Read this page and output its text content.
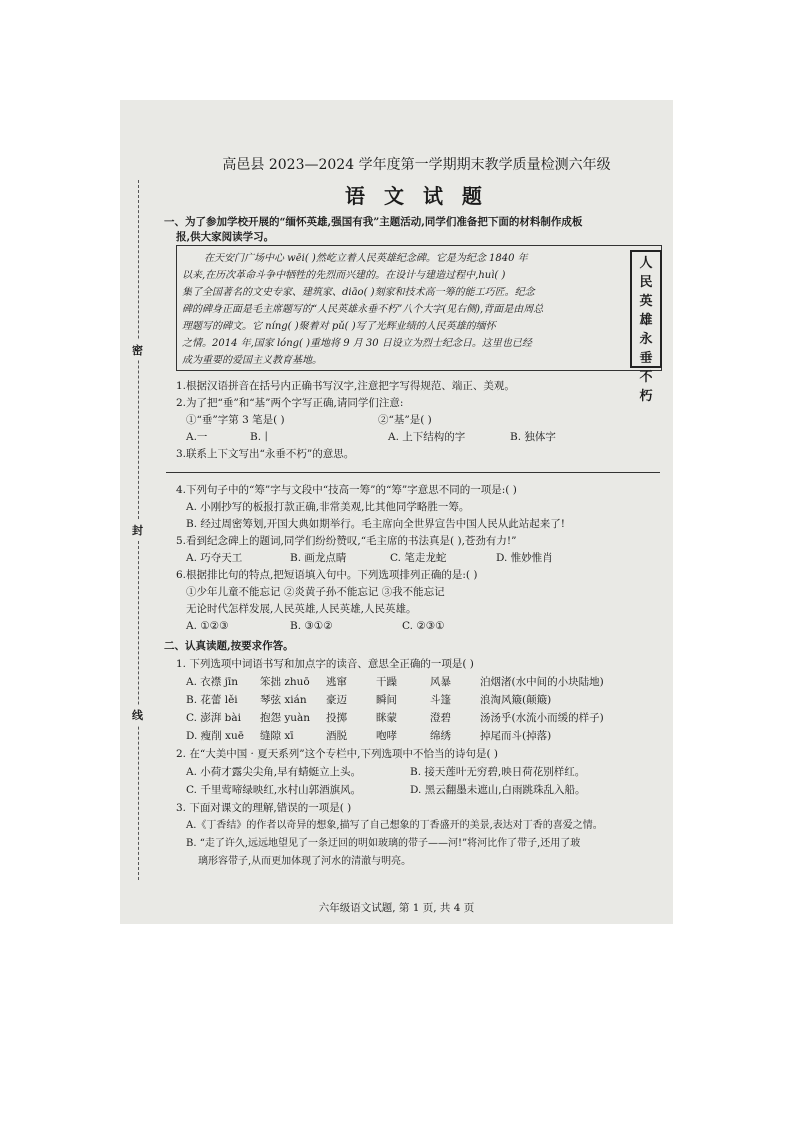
密
封
线
高邑县 2023—2024 学年度第一学期期末教学质量检测六年级
语 文 试 题
一、为了参加学校开展的“缅怀英雄,强国有我”主题活动,同学们准备把下面的材料制作成板
报,供大家阅读学习。
在天安门广场中心 wēi( )然屹立着人民英雄纪念碑。它是为纪念 1840 年
以来,在历次革命斗争中牺牲的先烈而兴建的。在设计与建造过程中,huì( )
集了全国著名的文史专家、建筑家、diāo( )刻家和技术高一筹的能工巧匠。纪念
碑的碑身正面是毛主席题写的“人民英雄永垂不朽”八个大字(见右侧),背面是由周总
理题写的碑文。它 níng( )聚着对 pǔ( )写了光辉业绩的人民英雄的缅怀
之情。2014 年,国家 lóng( )重地将 9 月 30 日设立为烈士纪念日。这里也已经
成为重要的爱国主义教育基地。
人
民
英
雄
永
垂
不
朽
1.根据汉语拼音在括号内正确书写汉字,注意把字写得规范、端正、美观。
2.为了把“垂”和“基”两个字写正确,请同学们注意:
①“垂”字第 3 笔是( )	②“基”是( )
A.一	B.丨	A. 上下结构的字	B. 独体字
3.联系上下文写出“永垂不朽”的意思。
4.下列句子中的“筹”字与文段中“技高一筹”的“筹”字意思不同的一项是:( )
A. 小刚抄写的板报打款正确,非常美观,比其他同学略胜一筹。
B. 经过周密筹划,开国大典如期举行。毛主席向全世界宣告中国人民从此站起来了!
5.看到纪念碑上的题词,同学们纷纷赞叹,“毛主席的书法真是( ),苍劲有力!”
A. 巧夺天工	B. 画龙点睛	C. 笔走龙蛇	D. 惟妙惟肖
6.根据排比句的特点,把短语填入句中。下列选项排列正确的是:( )
①少年儿童不能忘记 ②炎黄子孙不能忘记 ③我不能忘记
无论时代怎样发展,人民英雄,人民英雄,人民英雄。
A. ①②③	B. ③①②	C. ②③①
二、认真读题,按要求作答。
1. 下列选项中词语书写和加点字的读音、意思全正确的一项是( )
A. 衣襟 jīn 笨拙 zhuō 逃窜	干躁	风暴	泊烟渚(水中间的小块陆地)
B. 花蕾 lěi 琴弦 xián 豪迈	瞬间	斗篷	浪淘风簸(颠簸)
C. 澎湃 bài 抱怨 yuàn 投掷	眯蒙	澄碧	汤汤乎(水流小而缓的样子)
D. 瘦削 xuē 缝隙 xī	酒脱	咆哮	绵绣	掉尾而斗(掉落)
2. 在“大美中国 · 夏天系列”这个专栏中,下列选项中不恰当的诗句是( )
A. 小荷才露尖尖角,早有蜻蜓立上头。	B. 接天莲叶无穷碧,映日荷花别样红。
C. 千里莺啼绿映红,水村山郭酒旗风。	D. 黑云翻墨未遮山,白雨跳珠乱入船。
3. 下面对课文的理解,错误的一项是( )
A.《丁香结》的作者以奇异的想象,描写了自己想象的丁香盛开的美景,表达对丁香的喜爱之情。
B. “走了许久,远远地望见了一条迂回的明如玻璃的带子——河!”将河比作了带子,还用了玻
璃形容带子,从而更加体现了河水的清澈与明亮。
六年级语文试题, 第 1 页, 共 4 页
